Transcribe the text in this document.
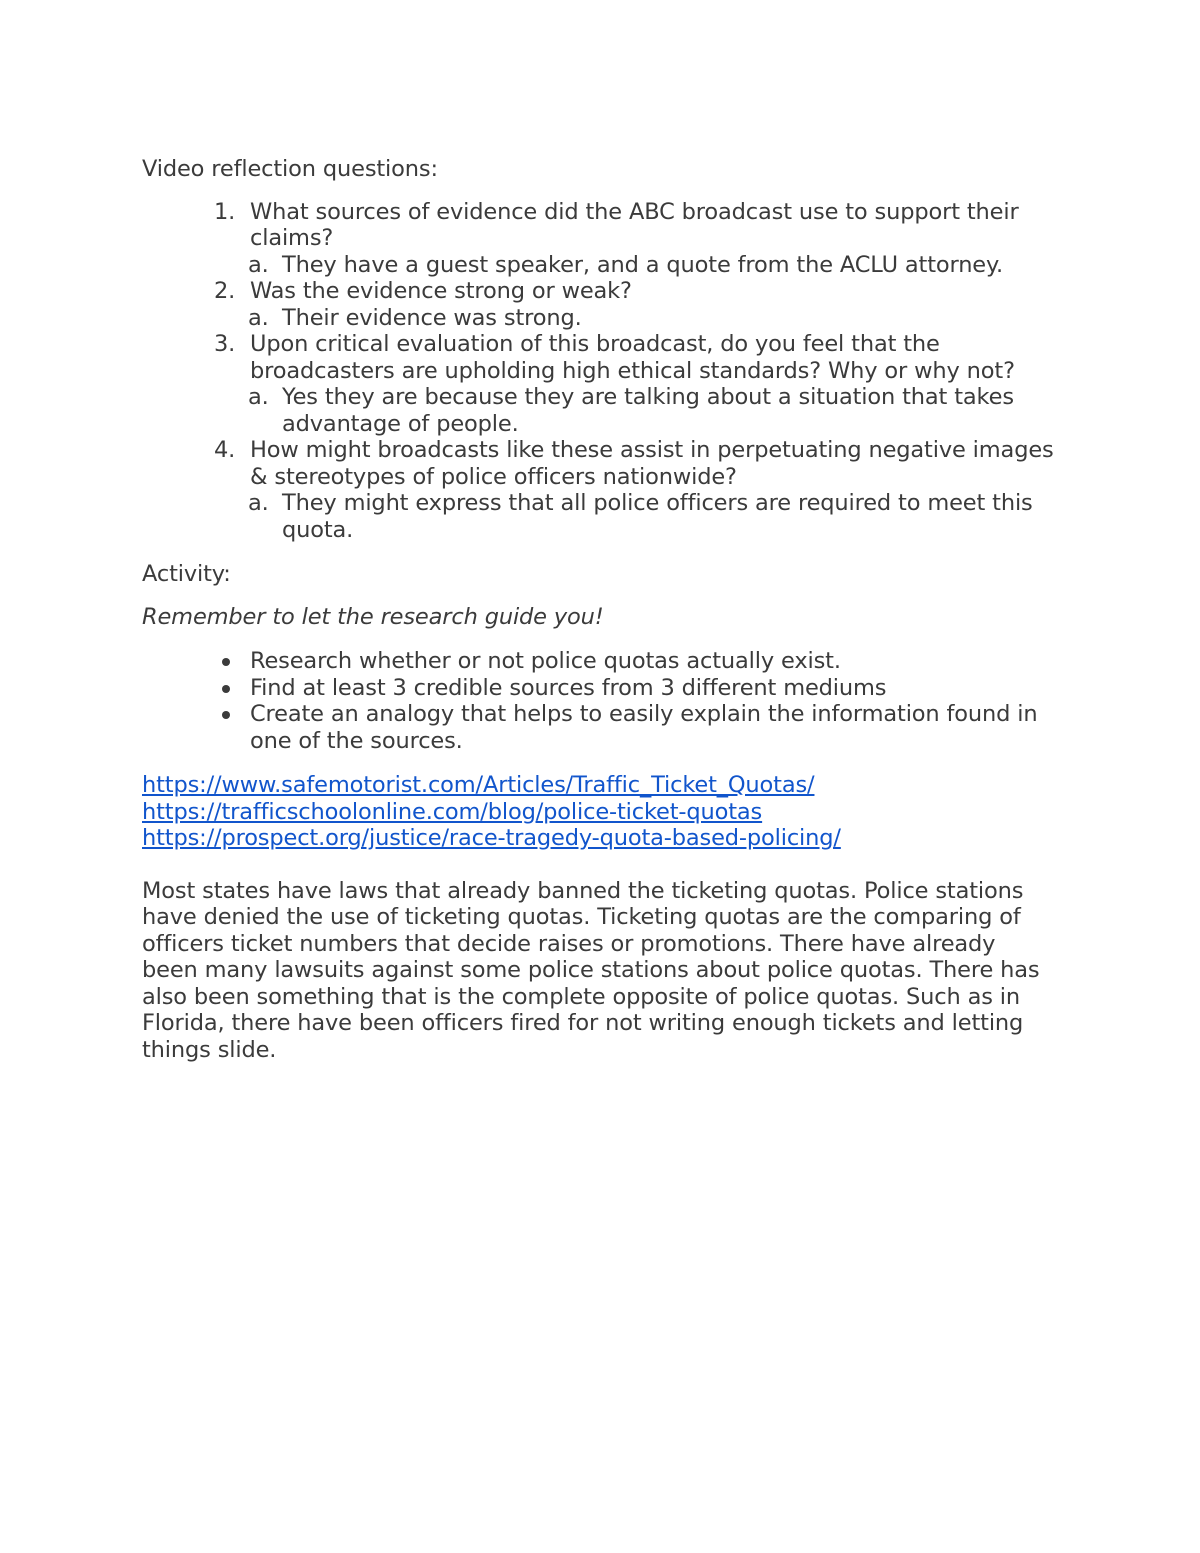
Video reflection questions:
1. What sources of evidence did the ABC broadcast use to support their claims?
a. They have a guest speaker, and a quote from the ACLU attorney.
2. Was the evidence strong or weak?
a. Their evidence was strong.
3. Upon critical evaluation of this broadcast, do you feel that the broadcasters are upholding high ethical standards? Why or why not?
a. Yes they are because they are talking about a situation that takes advantage of people.
4. How might broadcasts like these assist in perpetuating negative images & stereotypes of police officers nationwide?
a. They might express that all police officers are required to meet this quota.
Activity:
Remember to let the research guide you!
Research whether or not police quotas actually exist.
Find at least 3 credible sources from 3 different mediums
Create an analogy that helps to easily explain the information found in one of the sources.
https://www.safemotorist.com/Articles/Traffic_Ticket_Quotas/
https://trafficschoolonline.com/blog/police-ticket-quotas
https://prospect.org/justice/race-tragedy-quota-based-policing/

Most states have laws that already banned the ticketing quotas. Police stations have denied the use of ticketing quotas. Ticketing quotas are the comparing of officers ticket numbers that decide raises or promotions. There have already been many lawsuits against some police stations about police quotas. There has also been something that is the complete opposite of police quotas. Such as in Florida, there have been officers fired for not writing enough tickets and letting things slide.
